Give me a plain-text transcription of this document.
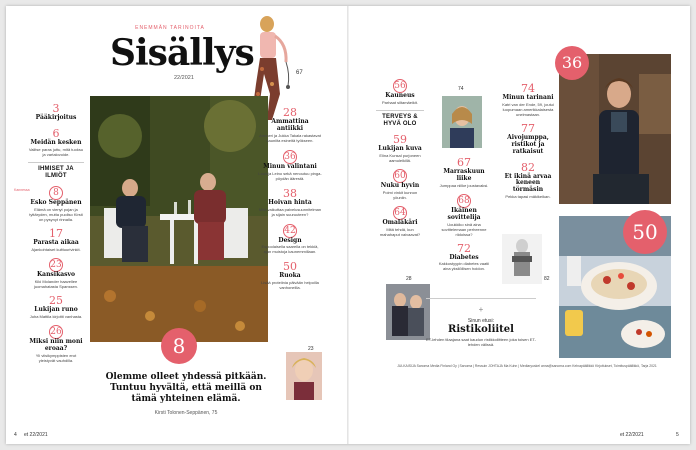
ENEMMÄN TARINOITA
Sisällys
22/2021
67
3
Pääkirjoitus
6
Meidän kesken
Valitse paras juttu, mitä tuoksu ja vartalovoide.
IHMISET JA ILMIÖT
Kannessa	8
Esko Seppänen
Elämä on vienyt pojan ja tyttäryden, mutta puoliso Kirsti on pysynyt rinnalla.
17
Parasta aikaa
Ajankohtaiset kulttuurivinkit.
23
Kansikasvo
Kiki Molander haavellee juomahatasta Spanssen.
25
Lukijan runo
Juha Mattila kirjoitti vanhasta.
26
Miksi niin moni eroaa?
Yli viisikymppisten erot yleistyvät vauhdilla.
8
Olemme olleet yhdessä pitkään. Tuntuu hyvältä, että meillä on tämä yhteinen elämä.
Kirsti Tolonen-Seppänen, 75
28
Ammattina antiikki
Ammeri ja Jukka Takala rakastavat kauniita esineitä työkseen.
36
Minun valintani
Lauluja Leino sekä nenoutuu pinga-pöydän äärestä.
38
Hoivan hinta
Mitä vaikuttaa palvelusuunnitelman ja sijain suuruuteen?
42
Design
Espoolaisella saarella on tekkiä, ajan muistoja kaunemmillaan.
50
Ruoka
Lisää proteiinia päivään helpoilla vanhoneilla.
23
4 et 22/2021
56
Kauneus
Parhaat siltamäeikit.
TERVEYS & HYVÄ OLO
59
Lukijan kuva
Elina Kunsal purjoneen aamuleikillä.
60
Nuku hyvin
Poimi vinkit kunnon yöuniin.
64
Omaläkäri
Mitä tehdä, kun mahahaput vaivaavat?
28
74
67
Marraskuun liike
Jumppaa niilke joustavaksi.
68
Ikäinen sovittelija
Uoukkiko sinä aina sovittelemaan perheenne riidoissa?
72
Diabetes
Kakkostyypin diabetes vaatii aina yksilöllisen hoidon.
82
74
Minun tarinani
Katri van der Ende, 59, joutui luopumaan amerikkalaisesta unelmastaan.
77
Aivojumppa, ristikot ja ratkaisut
82
Et ikinä arvaa keneen törmäsin
Pekka tapasi mäkikeikan.
+
Sinun etusi:
Ristikoliitel
ET-lehden tilaajana saat kaudun ristikkoliitteen joka toisen ET-lehden välissä.
36
50
JULKAISIJA Sanoma Media Finland Oy | Sanoma | Ressuin JOHTAJA Ma Kuhn | Mediaryuskel anna@sanoma.com Kelnapäällikkö Kirjoitukset, Toimituspäällikkö, Tarja 2021
et 22/2021	5
